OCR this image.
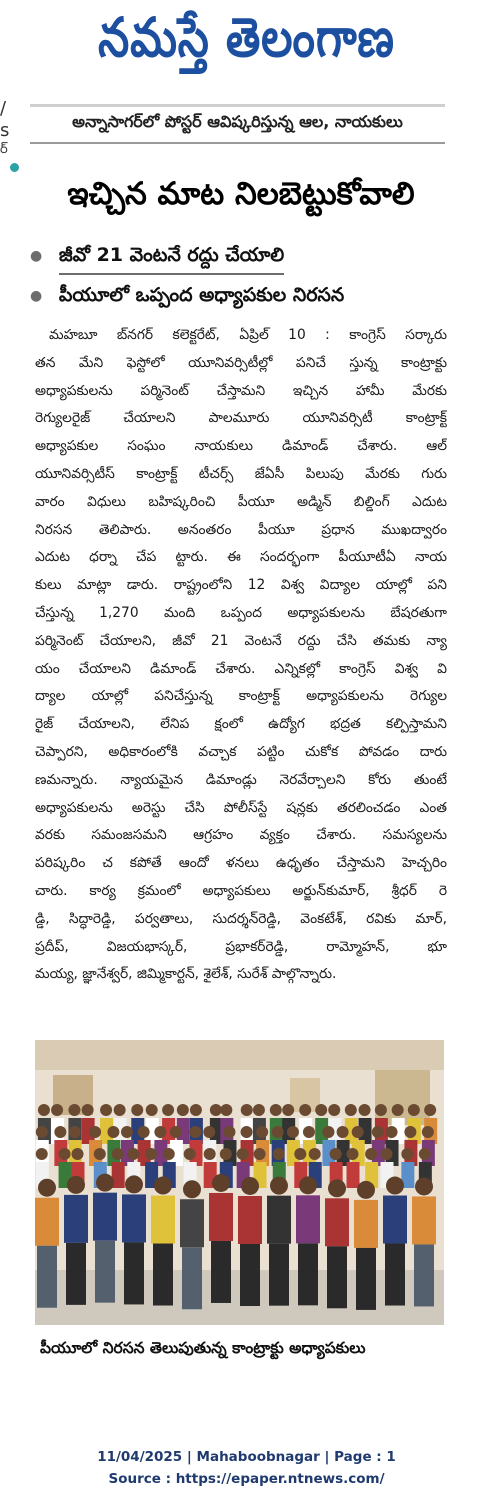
నమస్తే తెలంగాణ
/
s
ర్
అన్నాసాగర్‌లో పోస్టర్ ఆవిష్కరిస్తున్న ఆల, నాయకులు
ఇచ్చిన మాట నిలబెట్టుకోవాలి
● జీవో 21 వెంటనే రద్దు చేయాలి
● పీయూలో ఒప్పంద అధ్యాపకుల నిరసన
మహబూ బ్‌నగర్ కలెక్టరేట్, ఏప్రిల్ 10 : కాంగ్రెస్ సర్కారు
తన మేని ఫెస్టోలో యూనివర్సిటీల్లో పనిచే స్తున్న కాంట్రాక్టు
అధ్యాపకులను పర్మినెంట్ చేస్తామని ఇచ్చిన హామీ మేరకు
రెగ్యులరైజ్ చేయాలని పాలమూరు యూనివర్సిటీ కాంట్రాక్ట్
అధ్యాపకుల సంఘం నాయకులు డిమాండ్ చేశారు. ఆల్
యూనివర్సిటీస్ కాంట్రాక్ట్ టీచర్స్ జేఏసీ పిలుపు మేరకు గురు
వారం విధులు బహిష్కరించి పీయూ అడ్మిన్ బిల్డింగ్ ఎదుట
నిరసన తెలిపారు. అనంతరం పీయూ ప్రధాన ముఖద్వారం
ఎదుట ధర్నా చేప ట్టారు. ఈ సందర్భంగా పీయూటీఏ నాయ
కులు మాట్లా డారు. రాష్ట్రంలోని 12 విశ్వ విద్యాల యాల్లో పని
చేస్తున్న 1,270 మంది ఒప్పంద అధ్యాపకులను బేషరతుగా
పర్మినెంట్ చేయాలని, జీవో 21 వెంటనే రద్దు చేసి తమకు న్యా
యం చేయాలని డిమాండ్ చేశారు. ఎన్నికల్లో కాంగ్రెస్ విశ్వ వి
ద్యాల యాల్లో పనిచేస్తున్న కాంట్రాక్ట్ అధ్యాపకులను రెగ్యుల
రైజ్ చేయాలని, లేనిప క్షంలో ఉద్యోగ భద్రత కల్పిస్తామని
చెప్పారని, అధికారంలోకి వచ్చాక పట్టిం చుకోక పోవడం దారు
ణమన్నారు. న్యాయమైన డిమాండ్లు నెరవేర్చాలని కోరు తుంటే
అధ్యాపకులను అరెస్టు చేసి పోలీస్‌స్టే షన్లకు తరలించడం ఎంత
వరకు సమంజసమని ఆగ్రహం వ్యక్తం చేశారు. సమస్యలను
పరిష్కరిం చ కపోతే ఆందో ళనలు ఉధృతం చేస్తామని హెచ్చరిం
చారు. కార్య క్రమంలో అధ్యాపకులు అర్జున్‌కుమార్, శ్రీధర్ రె
డ్డి, సిద్ధారెడ్డి, పర్వతాలు, సుదర్శన్‌రెడ్డి, వెంకటేశ్, రవికు మార్,
ప్రదీప్, విజయభాస్కర్, ప్రభాకర్‌రెడ్డి, రామ్మోహన్, భూ
మయ్య, జ్ఞానేశ్వర్, జిమ్మికార్టన్, శైలేశ్, సురేశ్ పాల్గొన్నారు.
పీయూలో నిరసన తెలుపుతున్న కాంట్రాక్టు అధ్యాపకులు
11/04/2025 | Mahaboobnagar | Page : 1
Source : https://epaper.ntnews.com/
